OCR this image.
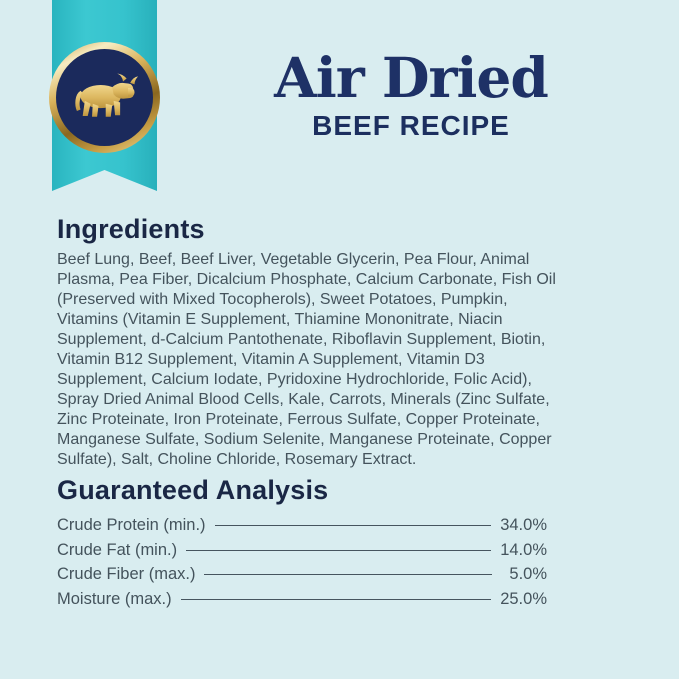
Air Dried
BEEF RECIPE
Ingredients

Beef Lung, Beef, Beef Liver, Vegetable Glycerin, Pea Flour, Animal Plasma, Pea Fiber, Dicalcium Phosphate, Calcium Carbonate, Fish Oil (Preserved with Mixed Tocopherols), Sweet Potatoes, Pumpkin, Vitamins (Vitamin E Supplement, Thiamine Mononitrate, Niacin Supplement, d-Calcium Pantothenate, Riboflavin Supplement, Biotin, Vitamin B12 Supplement, Vitamin A Supplement, Vitamin D3 Supplement, Calcium Iodate, Pyridoxine Hydrochloride, Folic Acid), Spray Dried Animal Blood Cells, Kale, Carrots, Minerals (Zinc Sulfate, Zinc Proteinate, Iron Proteinate, Ferrous Sulfate, Copper Proteinate, Manganese Sulfate, Sodium Selenite, Manganese Proteinate, Copper Sulfate), Salt, Choline Chloride, Rosemary Extract.

Guaranteed Analysis
Crude Protein (min.)	34.0%
Crude Fat (min.)	14.0%
Crude Fiber (max.)	5.0%
Moisture (max.)	25.0%
